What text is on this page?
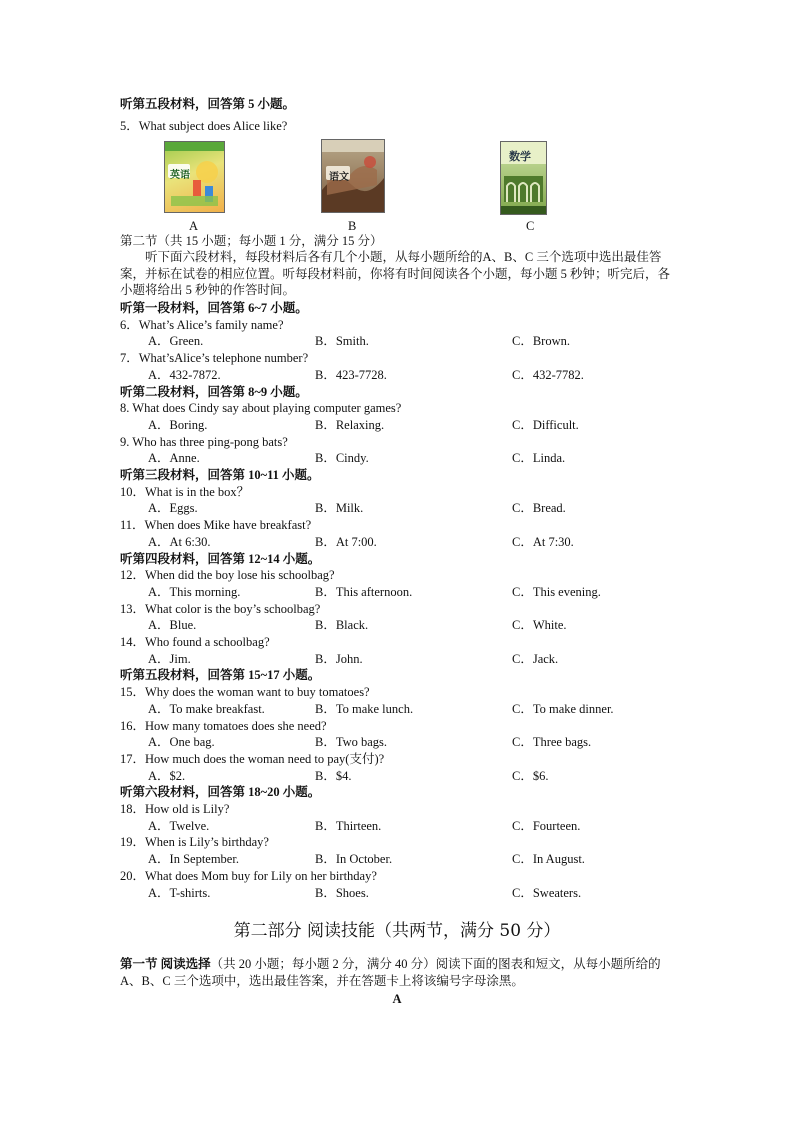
听第五段材料，回答第 5 小题。
5．What subject does Alice like?
英语
A
语文
B
数学
C
第二节（共 15 小题；每小题 1 分，满分 15 分）
听下面六段材料，每段材料后各有几个小题，从每小题所给的A、B、C 三个选项中选出最佳答案，并标在试卷的相应位置。听每段材料前，你将有时间阅读各个小题，每小题 5 秒钟；听完后，各小题将给出 5 秒钟的作答时间。
听第一段材料，回答第 6~7 小题。
6．What’s Alice’s family name?
A．Green.	B．Smith.	C．Brown.
7．What’sAlice’s telephone number?
A．432-7872.	B．423-7728.	C．432-7782.
听第二段材料，回答第 8~9 小题。
8. What does Cindy say about playing computer games?
A．Boring.	B．Relaxing.	C．Difficult.
9. Who has three ping-pong bats?
A．Anne.	B．Cindy.	C．Linda.
听第三段材料，回答第 10~11 小题。
10．What is in the box？
A．Eggs.	B．Milk.	C．Bread.
11．When does Mike have breakfast?
A．At 6:30.	B．At 7:00.	C．At 7:30.
听第四段材料，回答第 12~14 小题。
12．When did the boy lose his schoolbag?
A．This morning.	B．This afternoon.	C．This evening.
13．What color is the boy’s schoolbag?
A．Blue.	B．Black.	C．White.
14．Who found a schoolbag?
A．Jim.	B．John.	C．Jack.
听第五段材料，回答第 15~17 小题。
15．Why does the woman want to buy tomatoes?
A．To make breakfast.	B．To make lunch.	C．To make dinner.
16．How many tomatoes does she need?
A．One bag.	B．Two bags.	C．Three bags.
17．How much does the woman need to pay(支付)?
A．$2.	B．$4.	C．$6.
听第六段材料，回答第 18~20 小题。
18．How old is Lily?
A．Twelve.	B．Thirteen.	C．Fourteen.
19．When is Lily’s birthday?
A．In September.	B．In October.	C．In August.
20．What does Mom buy for Lily on her birthday?
A．T-shirts.	B．Shoes.	C．Sweaters.
第二部分 阅读技能（共两节，满分 50 分）
第一节 阅读选择（共 20 小题；每小题 2 分，满分 40 分）阅读下面的图表和短文，从每小题所给的 A、B、C 三个选项中，选出最佳答案，并在答题卡上将该编号字母涂黑。
A
